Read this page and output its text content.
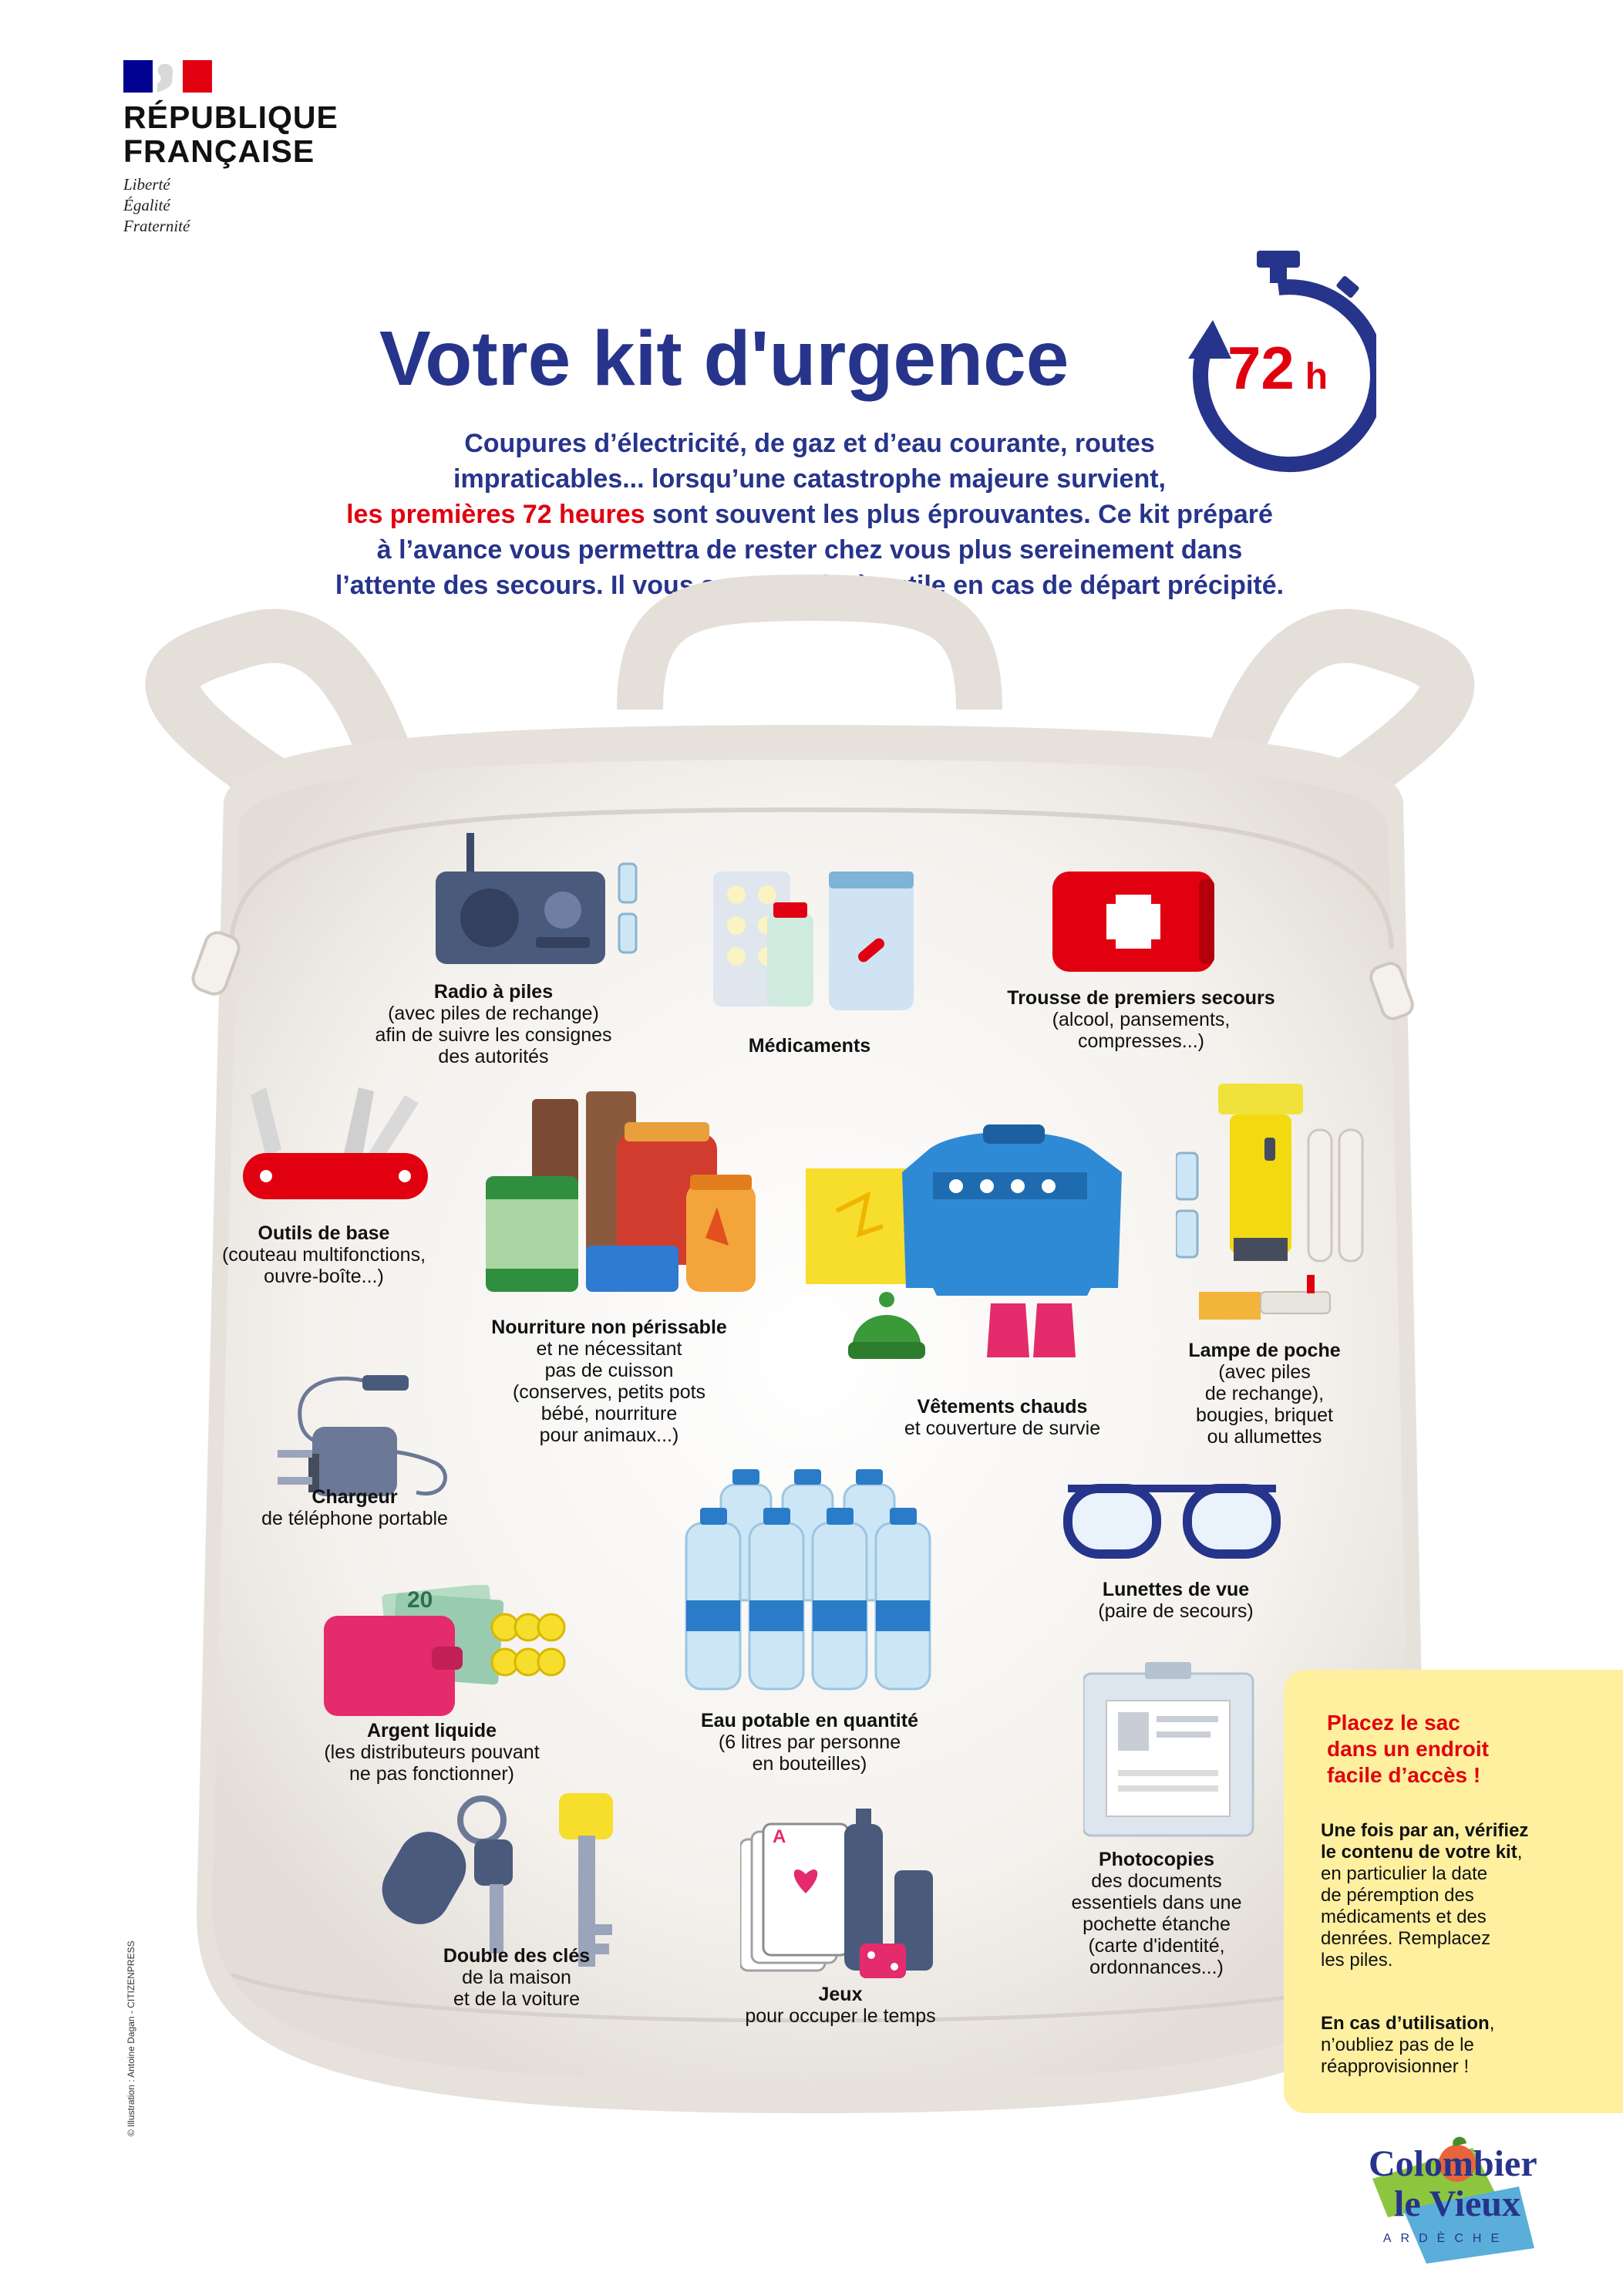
RÉPUBLIQUE
FRANÇAISE
Liberté
Égalité
Fraternité
Votre kit d'urgence	72 h
Coupures d’électricité, de gaz et d’eau courante, routes
impraticables... lorsqu’une catastrophe majeure survient,
les premières 72 heures sont souvent les plus éprouvantes. Ce kit préparé
à l’avance vous permettra de rester chez vous plus sereinement dans
l’attente des secours. Il vous sera aussi très utile en cas de départ précipité.
20
A
Radio à piles
(avec piles de rechange)
afin de suivre les consignes
des autorités	Médicaments
Trousse de premiers secours
(alcool, pansements,
compresses...)
Outils de base
(couteau multifonctions,
ouvre-boîte...)
Nourriture non périssable
et ne nécessitant
pas de cuisson
(conserves, petits pots
bébé, nourriture
pour animaux...)
Vêtements chauds
et couverture de survie
Lampe de poche
(avec piles
de rechange),
bougies, briquet
ou allumettes
Chargeur
de téléphone portable
Lunettes de vue
(paire de secours)
Argent liquide
(les distributeurs pouvant
ne pas fonctionner)
Eau potable en quantité
(6 litres par personne
en bouteilles)
Photocopies
des documents
essentiels dans une
pochette étanche
(carte d'identité,
ordonnances...)
Double des clés
de la maison
et de la voiture	Jeux
pour occuper le temps
Placez le sac
dans un endroit
facile d’accès !
Une fois par an, vérifiez
le contenu de votre kit,
en particulier la date
de péremption des
médicaments et des
denrées. Remplacez
les piles.
En cas d’utilisation,
n’oubliez pas de le
réapprovisionner !
© Illustration : Antoine Dagan - CITIZENPRESS
Colombier
le Vieux
ARDÈCHE
